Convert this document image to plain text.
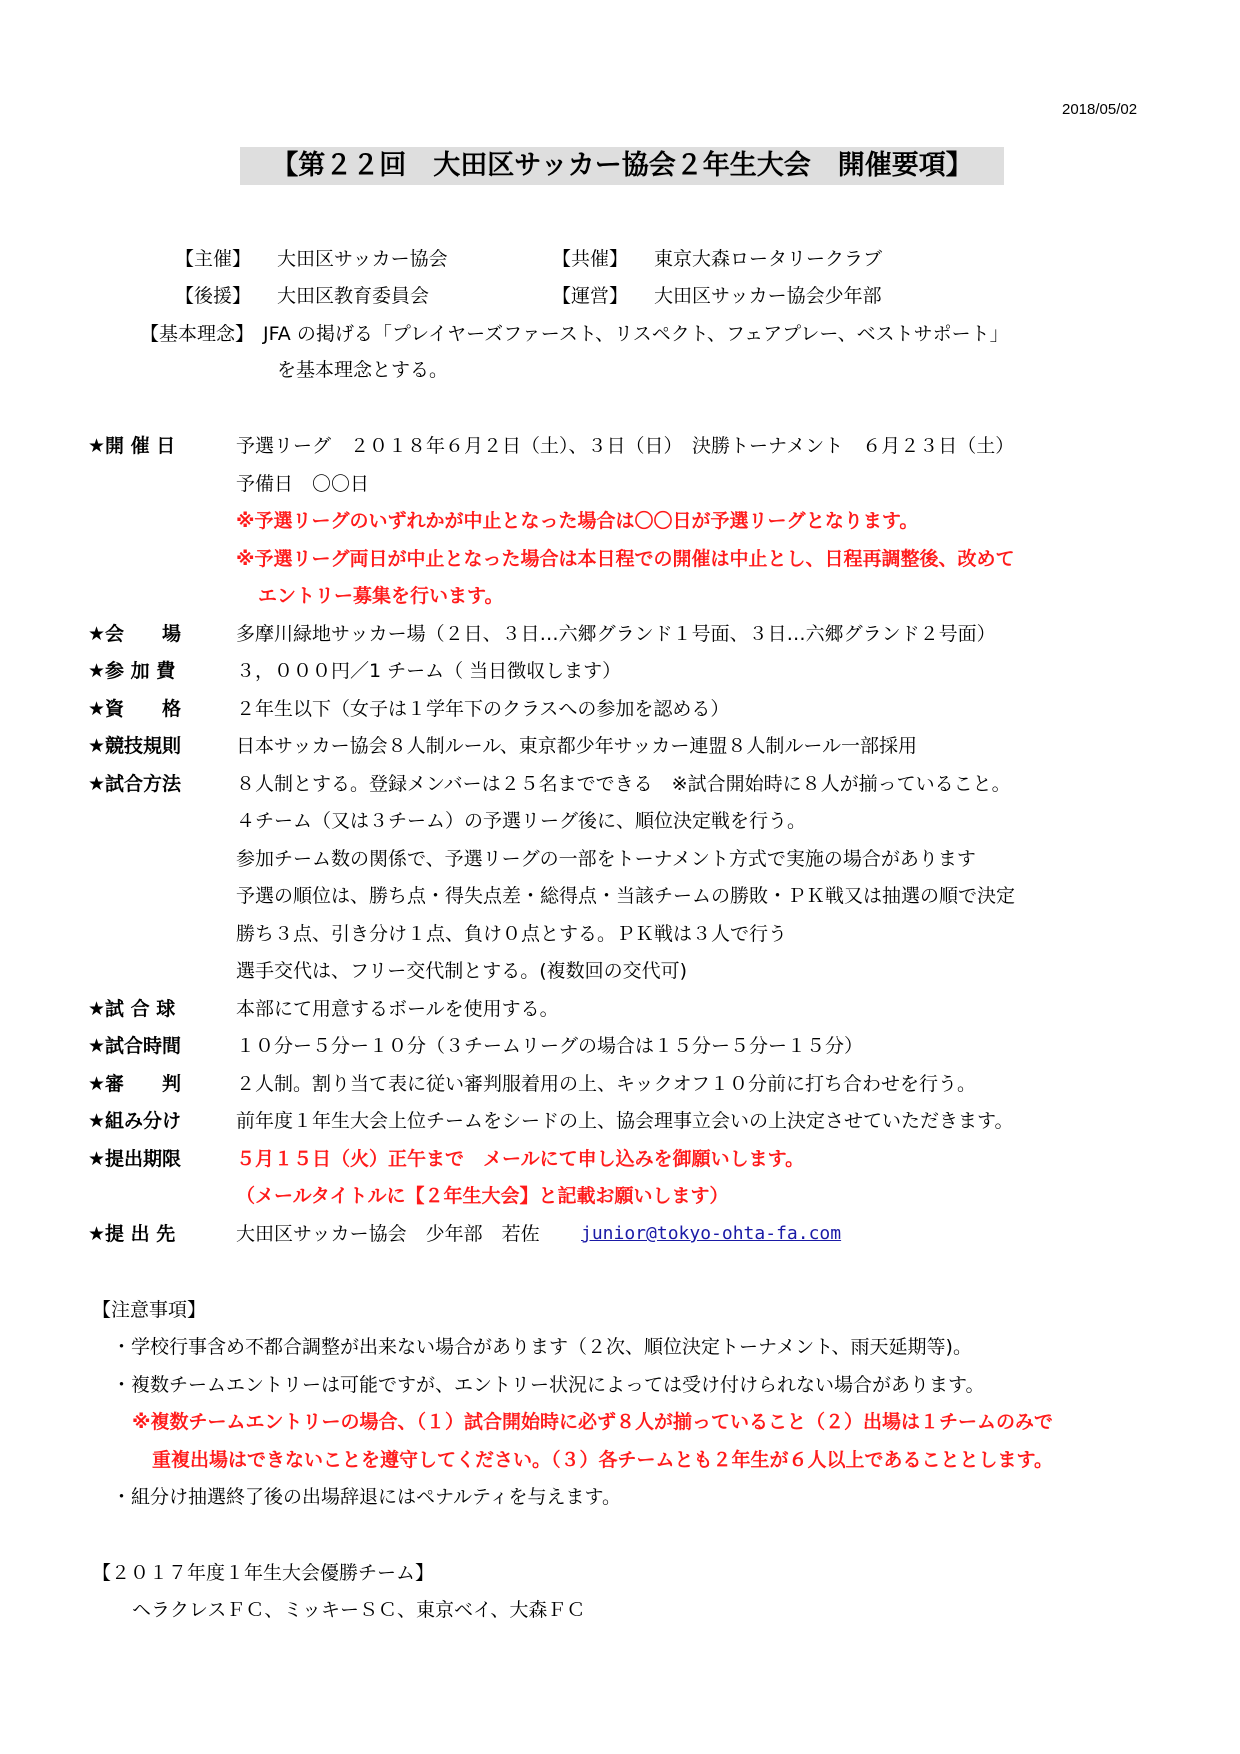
2018/05/02
【第２２回　大田区サッカー協会２年生大会　開催要項】
【主催】 大田区サッカー協会	【共催】 東京大森ロータリークラブ
【後援】 大田区教育委員会	【運営】 大田区サッカー協会少年部
【基本理念】 JFA の掲げる「プレイヤーズファースト、リスペクト、フェアプレー、ベストサポート」
を基本理念とする。
★開 催 日	予選リーグ　２０１８年６月２日（土）、３日（日）　決勝トーナメント　６月２３日（土）
予備日　〇〇日
※予選リーグのいずれかが中止となった場合は〇〇日が予選リーグとなります。
※予選リーグ両日が中止となった場合は本日程での開催は中止とし、日程再調整後、改めて
エントリー募集を行います。
★会　　場	多摩川緑地サッカー場（２日、３日…六郷グランド１号面、３日…六郷グランド２号面）
★参 加 費	３，０００円／1 チーム（ 当日徴収します）
★資　　格	２年生以下（女子は１学年下のクラスへの参加を認める）
★競技規則	日本サッカー協会８人制ルール、東京都少年サッカー連盟８人制ルール一部採用
★試合方法	８人制とする。登録メンバーは２５名までできる　※試合開始時に８人が揃っていること。
４チーム（又は３チーム）の予選リーグ後に、順位決定戦を行う。
参加チーム数の関係で、予選リーグの一部をトーナメント方式で実施の場合があります
予選の順位は、勝ち点・得失点差・総得点・当該チームの勝敗・ＰＫ戦又は抽選の順で決定
勝ち３点、引き分け１点、負け０点とする。ＰＫ戦は３人で行う
選手交代は、フリー交代制とする。(複数回の交代可)
★試 合 球	本部にて用意するボールを使用する。
★試合時間	１０分ー５分ー１０分（３チームリーグの場合は１５分ー５分ー１５分）
★審　　判	２人制。割り当て表に従い審判服着用の上、キックオフ１０分前に打ち合わせを行う。
★組み分け	前年度１年生大会上位チームをシードの上、協会理事立会いの上決定させていただきます。
★提出期限	５月１５日（火）正午まで　メールにて申し込みを御願いします。
（メールタイトルに【２年生大会】と記載お願いします）
★提 出 先	大田区サッカー協会　少年部　若佐 junior@tokyo-ohta-fa.com
【注意事項】
・学校行事含め不都合調整が出来ない場合があります（２次、順位決定トーナメント、雨天延期等)。
・複数チームエントリーは可能ですが、エントリー状況によっては受け付けられない場合があります。
※複数チームエントリーの場合、（１）試合開始時に必ず８人が揃っていること（２）出場は１チームのみで
重複出場はできないことを遵守してください。（３）各チームとも２年生が６人以上であることとします。
・組分け抽選終了後の出場辞退にはペナルティを与えます。
【２０１７年度１年生大会優勝チーム】
ヘラクレスＦＣ、ミッキーＳＣ、東京ベイ、大森ＦＣ
